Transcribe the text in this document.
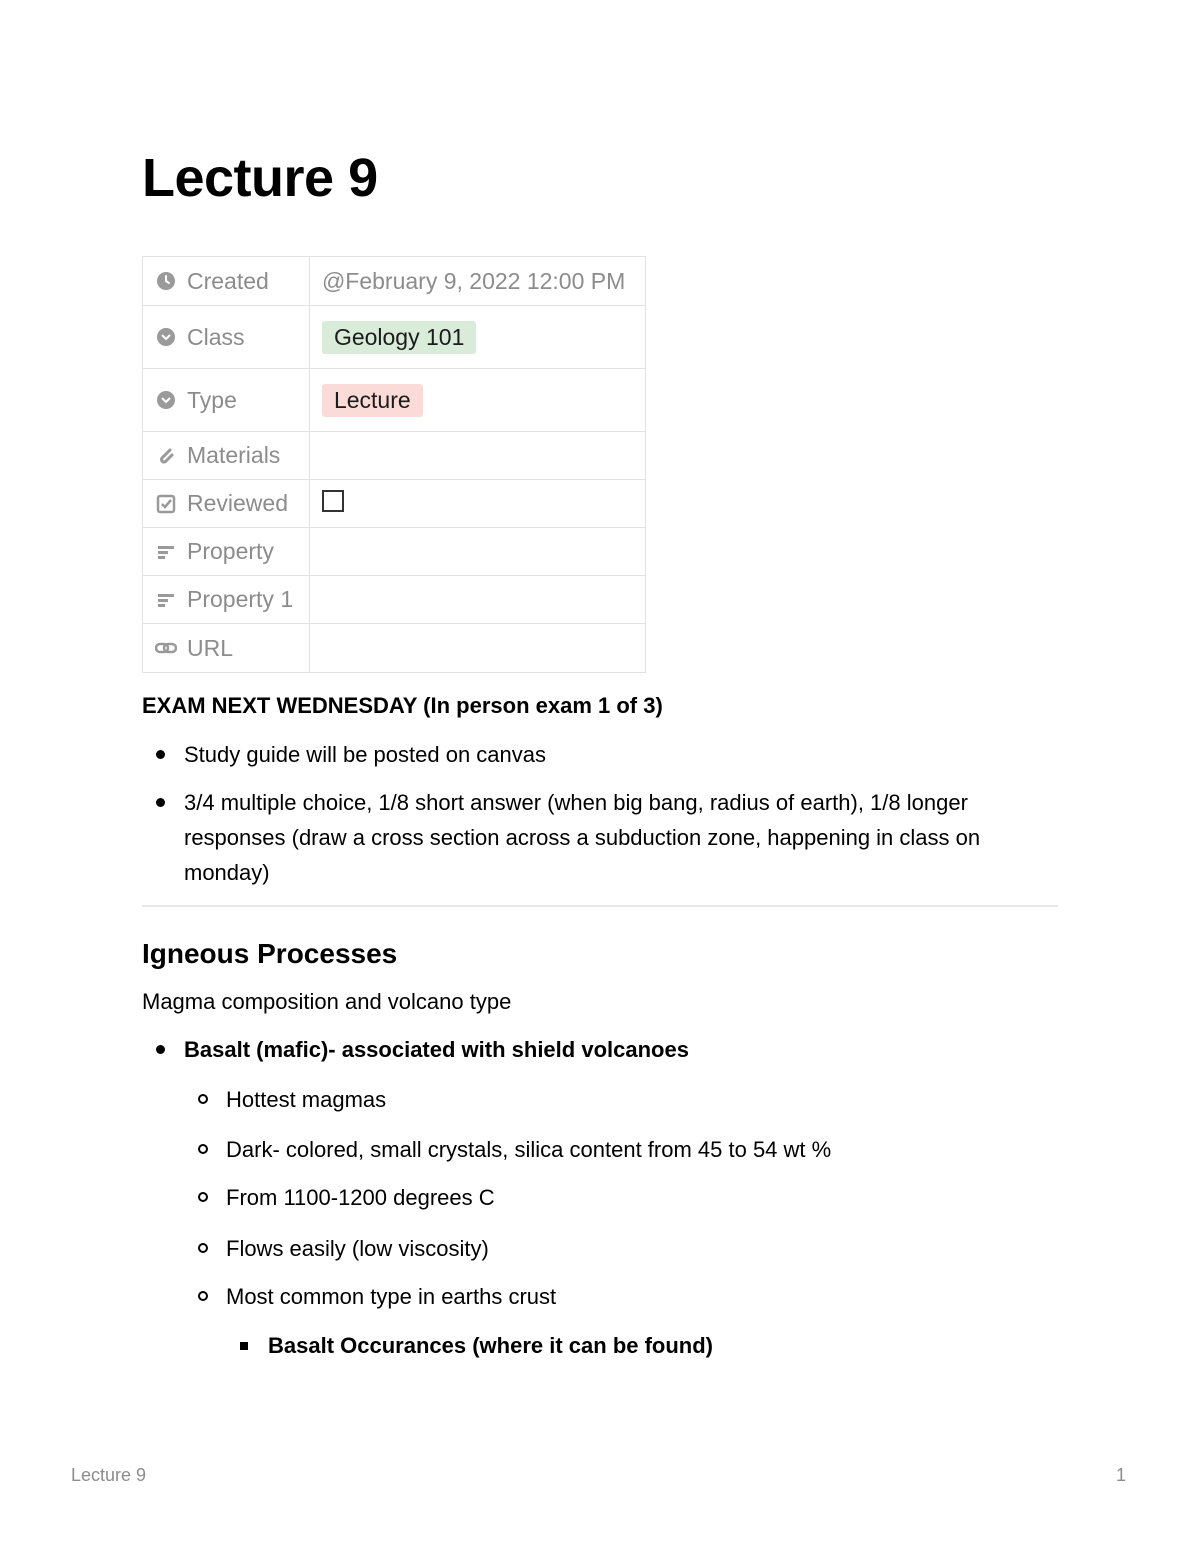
Lecture 9
Created	@February 9, 2022 12:00 PM

Class	Geology 101

Type	Lecture

Materials	

Reviewed	

Property	

Property 1	

URL	

EXAM NEXT WEDNESDAY (In person exam 1 of 3)

Study guide will be posted on canvas
3/4 multiple choice, 1/8 short answer (when big bang, radius of earth), 1/8 longer responses (draw a cross section across a subduction zone, happening in class on monday)
Igneous Processes
Magma composition and volcano type
Basalt (mafic)- associated with shield volcanoes
Hottest magmas
Dark- colored, small crystals, silica content from 45 to 54 wt %
From 1100-1200 degrees C
Flows easily (low viscosity)
Most common type in earths crust
Basalt Occurances (where it can be found)
Lecture 9	1
